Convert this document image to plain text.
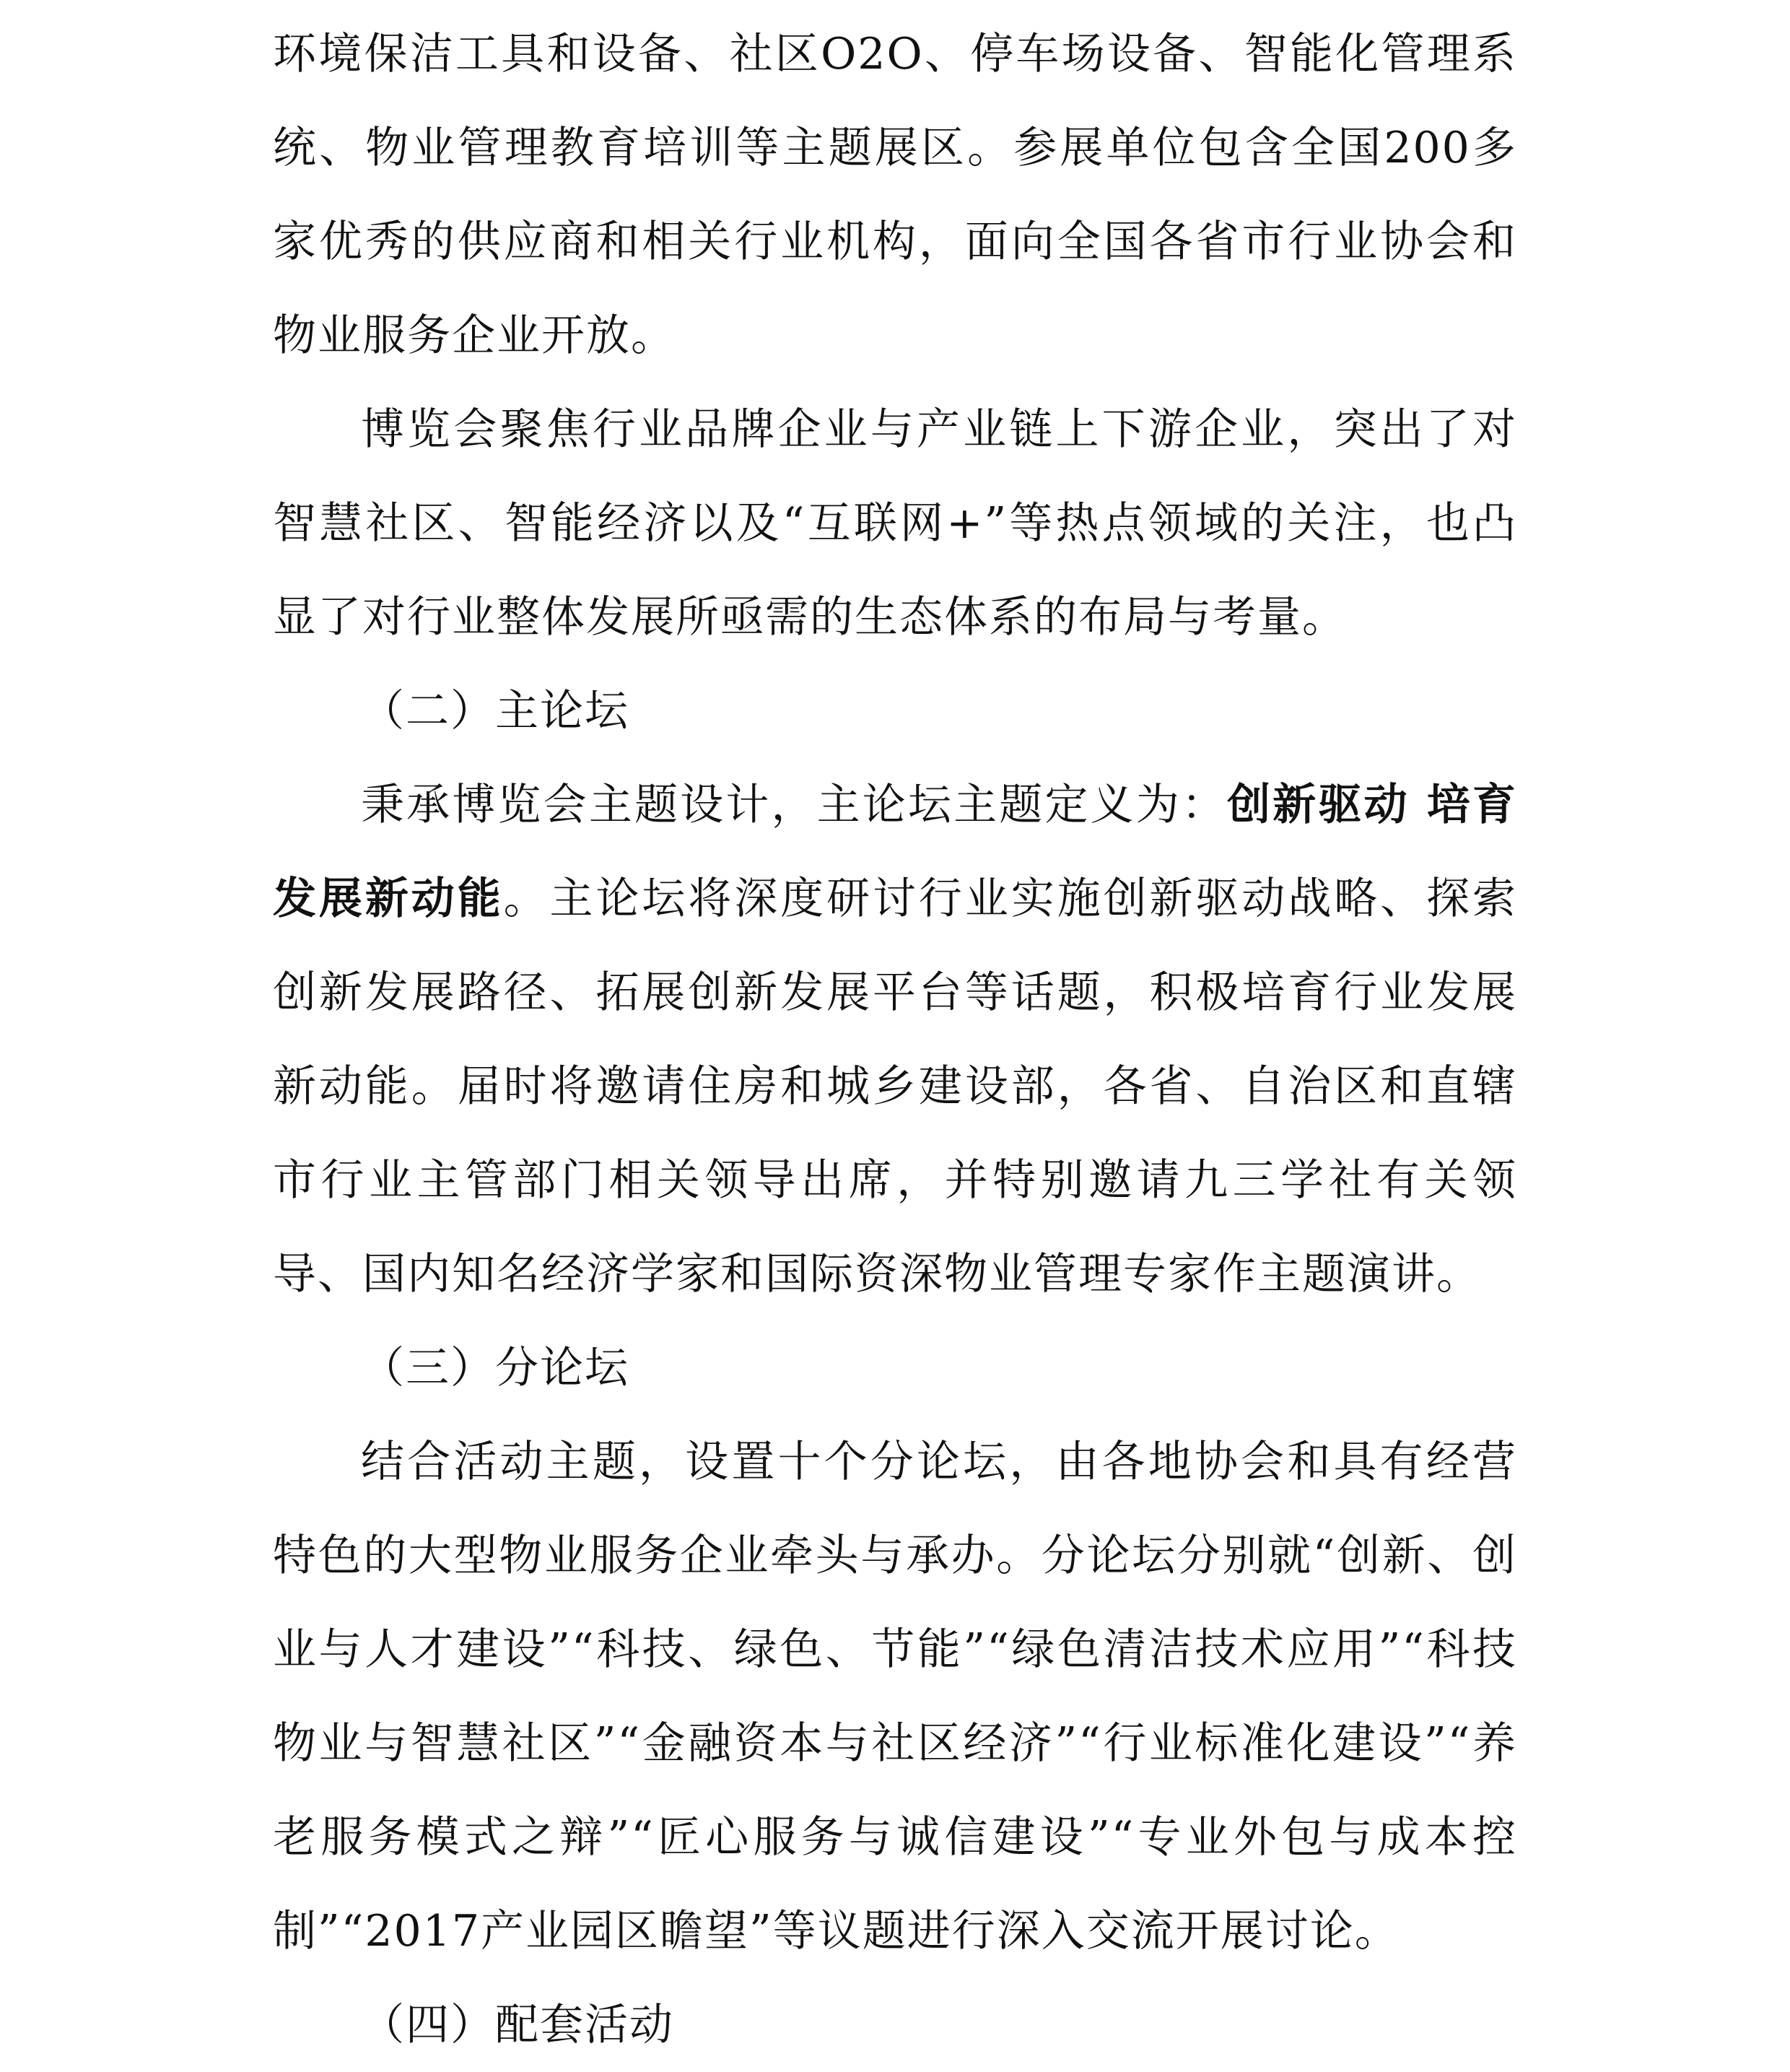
环境保洁工具和设备、社区O2O、停车场设备、智能化管理系统、物业管理教育培训等主题展区。参展单位包含全国200多家优秀的供应商和相关行业机构，面向全国各省市行业协会和物业服务企业开放。

博览会聚焦行业品牌企业与产业链上下游企业，突出了对智慧社区、智能经济以及“互联网+”等热点领域的关注，也凸显了对行业整体发展所亟需的生态体系的布局与考量。

（二）主论坛

秉承博览会主题设计，主论坛主题定义为：创新驱动 培育发展新动能。主论坛将深度研讨行业实施创新驱动战略、探索创新发展路径、拓展创新发展平台等话题，积极培育行业发展新动能。届时将邀请住房和城乡建设部，各省、自治区和直辖市行业主管部门相关领导出席，并特别邀请九三学社有关领导、国内知名经济学家和国际资深物业管理专家作主题演讲。

（三）分论坛

结合活动主题，设置十个分论坛，由各地协会和具有经营特色的大型物业服务企业牵头与承办。分论坛分别就“创新、创业与人才建设”“科技、绿色、节能”“绿色清洁技术应用”“科技物业与智慧社区”“金融资本与社区经济”“行业标准化建设”“养老服务模式之辩”“匠心服务与诚信建设”“专业外包与成本控制”“2017产业园区瞻望”等议题进行深入交流开展讨论。

（四）配套活动
